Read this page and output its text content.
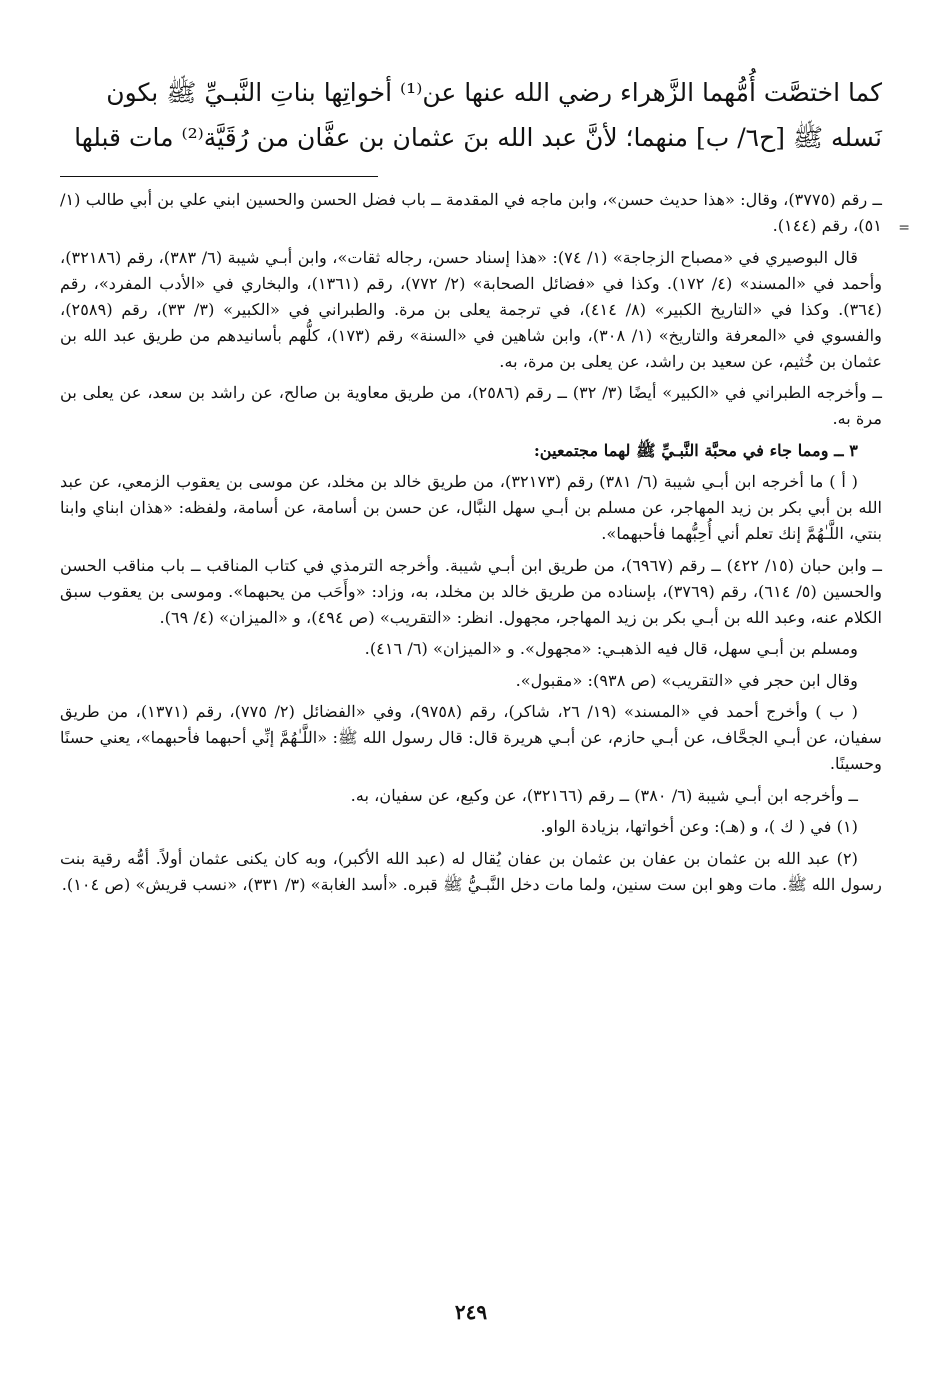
كما اختصَّت أُمُّهما الزَّهراء رضي الله عنها عن⁽¹⁾ أخواتِها بناتِ النَّبـيِّ ﷺ بكون

نَسله ﷺ [ح٦/ ب] منهما؛ لأنَّ عبد الله بنَ عثمان بن عفَّان من رُقَيَّة⁽²⁾ مات قبلها

=

ــ رقم (٣٧٧٥)، وقال: «هذا حديث حسن»، وابن ماجه في المقدمة ــ باب فضل الحسن والحسين ابني علي بن أبي طالب (١/ ٥١)، رقم (١٤٤).

قال البوصيري في «مصباح الزجاجة» (١/ ٧٤): «هذا إسناد حسن، رجاله ثقات»، وابن أبـي شيبة (٦/ ٣٨٣)، رقم (٣٢١٨٦)، وأحمد في «المسند» (٤/ ١٧٢). وكذا في «فضائل الصحابة» (٢/ ٧٧٢)، رقم (١٣٦١)، والبخاري في «الأدب المفرد»، رقم (٣٦٤). وكذا في «التاريخ الكبير» (٨/ ٤١٤)، في ترجمة يعلى بن مرة. والطبراني في «الكبير» (٣/ ٣٣)، رقم (٢٥٨٩)، والفسوي في «المعرفة والتاريخ» (١/ ٣٠٨)، وابن شاهين في «السنة» رقم (١٧٣)، كلُّهم بأسانيدهم من طريق عبد الله بن عثمان بن خُثيم، عن سعيد بن راشد، عن يعلى بن مرة، به.

ــ وأخرجه الطبراني في «الكبير» أيضًا (٣/ ٣٢) ــ رقم (٢٥٨٦)، من طريق معاوية بن صالح، عن راشد بن سعد، عن يعلى بن مرة به.

٣ ــ ومما جاء في محبَّة النَّبـيِّ ﷺ لهما مجتمعين:

( أ ) ما أخرجه ابن أبـي شيبة (٦/ ٣٨١) رقم (٣٢١٧٣)، من طريق خالد بن مخلد، عن موسى بن يعقوب الزمعي، عن عبد الله بن أبي بكر بن زيد المهاجر، عن مسلم بن أبـي سهل النبَّال، عن حسن بن أسامة، عن أسامة، ولفظه: «هذان ابناي وابنا بنتي، اللَّـٰهُمَّ إنك تعلم أني أُحِبُّهما فأحبهما».

ــ وابن حبان (١٥/ ٤٢٢) ــ رقم (٦٩٦٧)، من طريق ابن أبـي شيبة. وأخرجه الترمذي في كتاب المناقب ــ باب مناقب الحسن والحسين (٥/ ٦١٤)، رقم (٣٧٦٩)، بإسناده من طريق خالد بن مخلد، به، وزاد: «وأَحَب من يحبهما». وموسى بن يعقوب سبق الكلام عنه، وعبد الله بن أبـي بكر بن زيد المهاجر، مجهول. انظر: «التقريب» (ص ٤٩٤)، و «الميزان» (٤/ ٦٩).

ومسلم بن أبـي سهل، قال فيه الذهبـي: «مجهول». و «الميزان» (٦/ ٤١٦).

وقال ابن حجر في «التقريب» (ص ٩٣٨): «مقبول».

( ب ) وأخرج أحمد في «المسند» (١٩/ ٢٦، شاكر)، رقم (٩٧٥٨)، وفي «الفضائل (٢/ ٧٧٥)، رقم (١٣٧١)، من طريق سفيان، عن أبـي الجحَّاف، عن أبـي حازم، عن أبـي هريرة قال: قال رسول الله ﷺ: «اللَّـٰهُمَّ إنِّي أحبهما فأحبهما»، يعني حسنًا وحسينًا.

ــ وأخرجه ابن أبـي شيبة (٦/ ٣٨٠) ــ رقم (٣٢١٦٦)، عن وكيع، عن سفيان، به.

(١) في ( ك )، و (هـ): وعن أخواتها، بزيادة الواو.

(٢) عبد الله بن عثمان بن عفان بن عثمان بن عفان يُقال له (عبد الله الأكبر)، وبه كان يكنى عثمان أولاً. أمُّه رقية بنت رسول الله ﷺ. مات وهو ابن ست سنين، ولما مات دخل النَّبـيُّ ﷺ قبره. «أسد الغابة» (٣/ ٣٣١)، «نسب قريش» (ص ١٠٤).

٢٤٩
